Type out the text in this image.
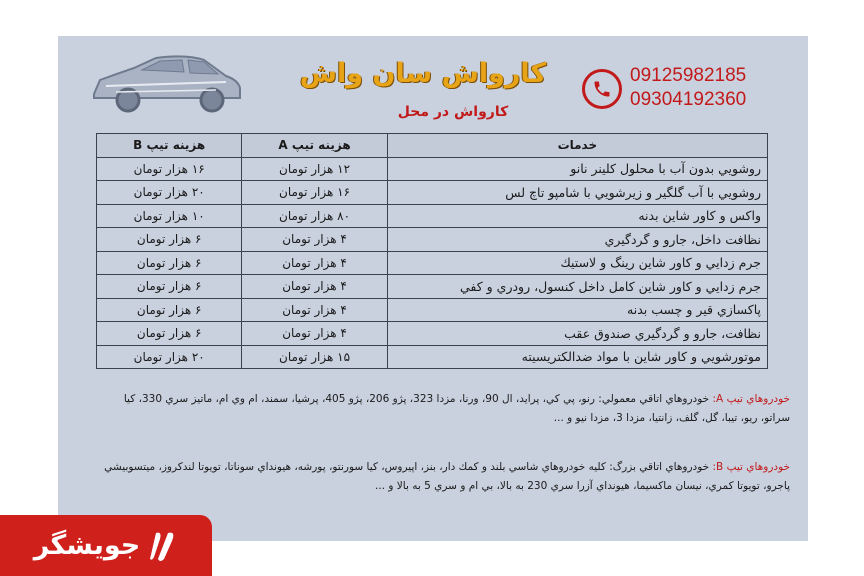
کارواش سان واش
کارواش در محل
09125982185
09304192360
خدمات	هزينه تيپ A	هزينه تيپ B
روشويي بدون آب با محلول كلينر نانو	۱۲ هزار تومان	۱۶ هزار تومان
روشويي با آب گلگير و زيرشويي با شامپو تاچ لس	۱۶ هزار تومان	۲۰ هزار تومان
واكس و كاور شاين بدنه	۸۰ هزار تومان	۱۰ هزار تومان
نظافت داخل، جارو و گردگيري	۴ هزار تومان	۶ هزار تومان
جرم زدايي و كاور شاين رينگ و لاستيك	۴ هزار تومان	۶ هزار تومان
جرم زدايي و كاور شاين كامل داخل كنسول، رودري و كفي	۴ هزار تومان	۶ هزار تومان
پاكسازي قير و چسب بدنه	۴ هزار تومان	۶ هزار تومان
نظافت، جارو و گردگيري صندوق عقب	۴ هزار تومان	۶ هزار تومان
موتورشويي و كاور شاين با مواد ضدالكتريسيته	۱۵ هزار تومان	۲۰ هزار تومان
خودروهاي تيپ A: خودروهاي اتاقي معمولي: رنو، پي كي، پرايد، ال 90، ورنا، مزدا 323، پژو 206، پژو 405، پرشيا، سمند، ام وي ام، ماتيز سري 330، كيا سراتو، ريو، تيبا، گل، گلف، زانتيا، مزدا 3، مزدا نيو و ...
خودروهاي تيپ B: خودروهاي اتاقي بزرگ: كليه خودروهاي شاسي بلند و كمك دار، بنز، اپيروس، كيا سورنتو، پورشه، هيونداي سوناتا، تويوتا لندكروز، ميتسوبيشي پاجرو، تويوتا كمري، نيسان ماكسيما، هيونداي آزرا سري 230 به بالا، بي ام و سري 5 به بالا و ...
جویشگر
